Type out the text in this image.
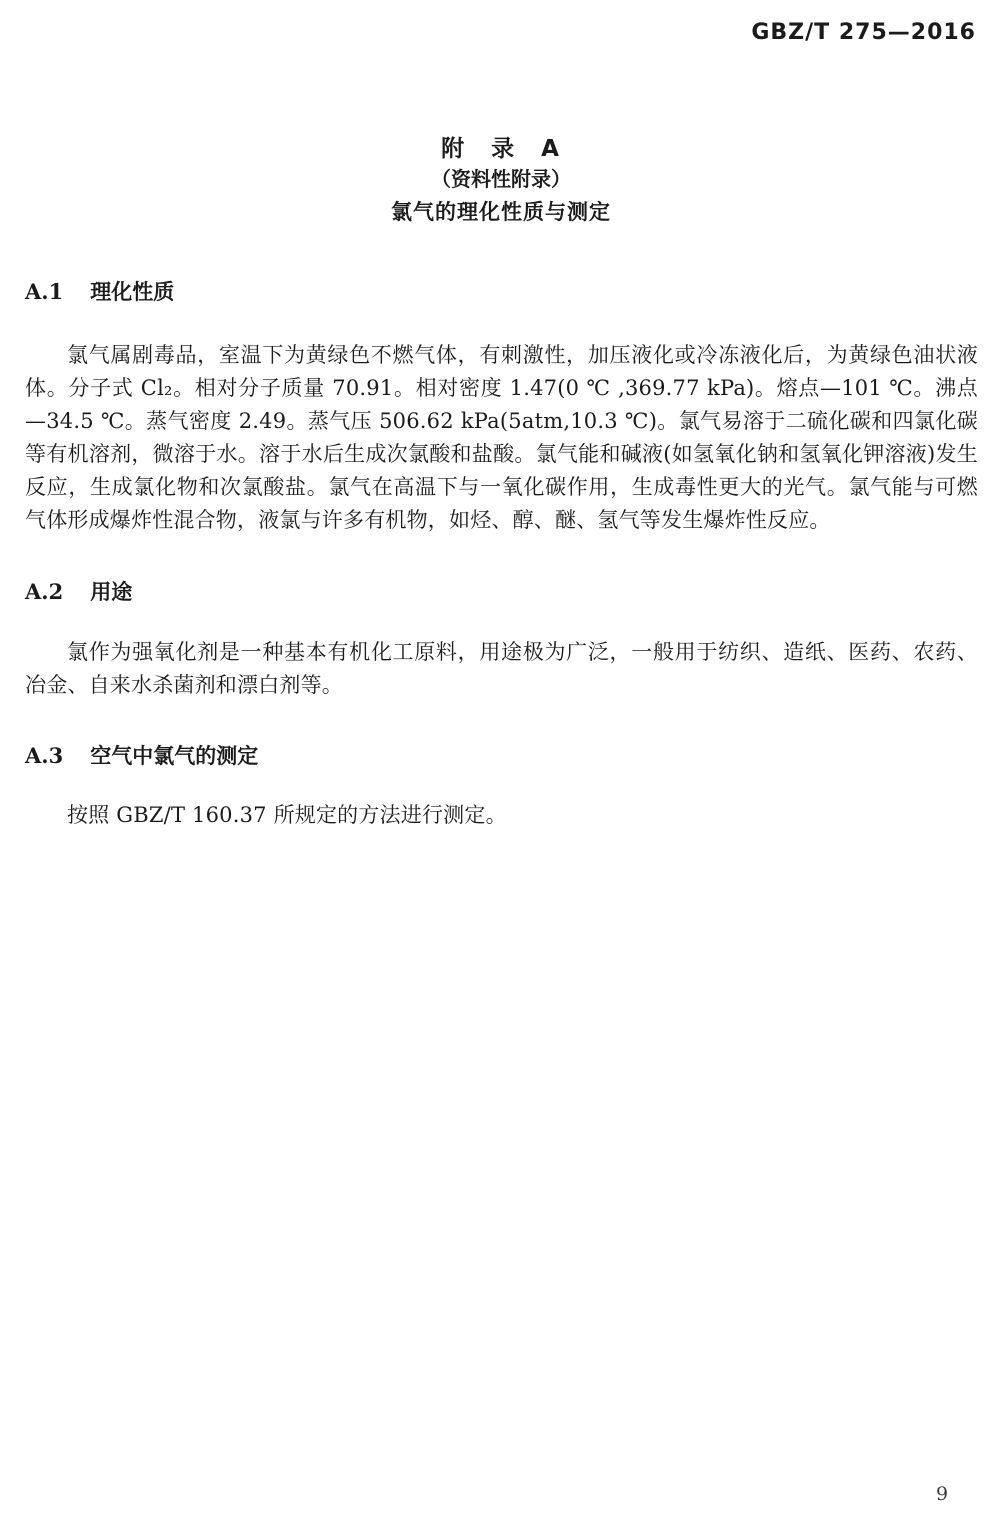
GBZ/T 275—2016
附　录　A
（资料性附录）
氯气的理化性质与测定
A.1 理化性质

氯气属剧毒品，室温下为黄绿色不燃气体，有刺激性，加压液化或冷冻液化后，为黄绿色油状液体。分子式 Cl₂。相对分子质量 70.91。相对密度 1.47(0 ℃ ,369.77 kPa)。熔点—101 ℃。沸点—34.5 ℃。蒸气密度 2.49。蒸气压 506.62 kPa(5atm,10.3 ℃)。氯气易溶于二硫化碳和四氯化碳等有机溶剂，微溶于水。溶于水后生成次氯酸和盐酸。氯气能和碱液(如氢氧化钠和氢氧化钾溶液)发生反应，生成氯化物和次氯酸盐。氯气在高温下与一氧化碳作用，生成毒性更大的光气。氯气能与可燃气体形成爆炸性混合物，液氯与许多有机物，如烃、醇、醚、氢气等发生爆炸性反应。

A.2 用途

氯作为强氧化剂是一种基本有机化工原料，用途极为广泛，一般用于纺织、造纸、医药、农药、冶金、自来水杀菌剂和漂白剂等。

A.3 空气中氯气的测定

按照 GBZ/T 160.37 所规定的方法进行测定。

9
